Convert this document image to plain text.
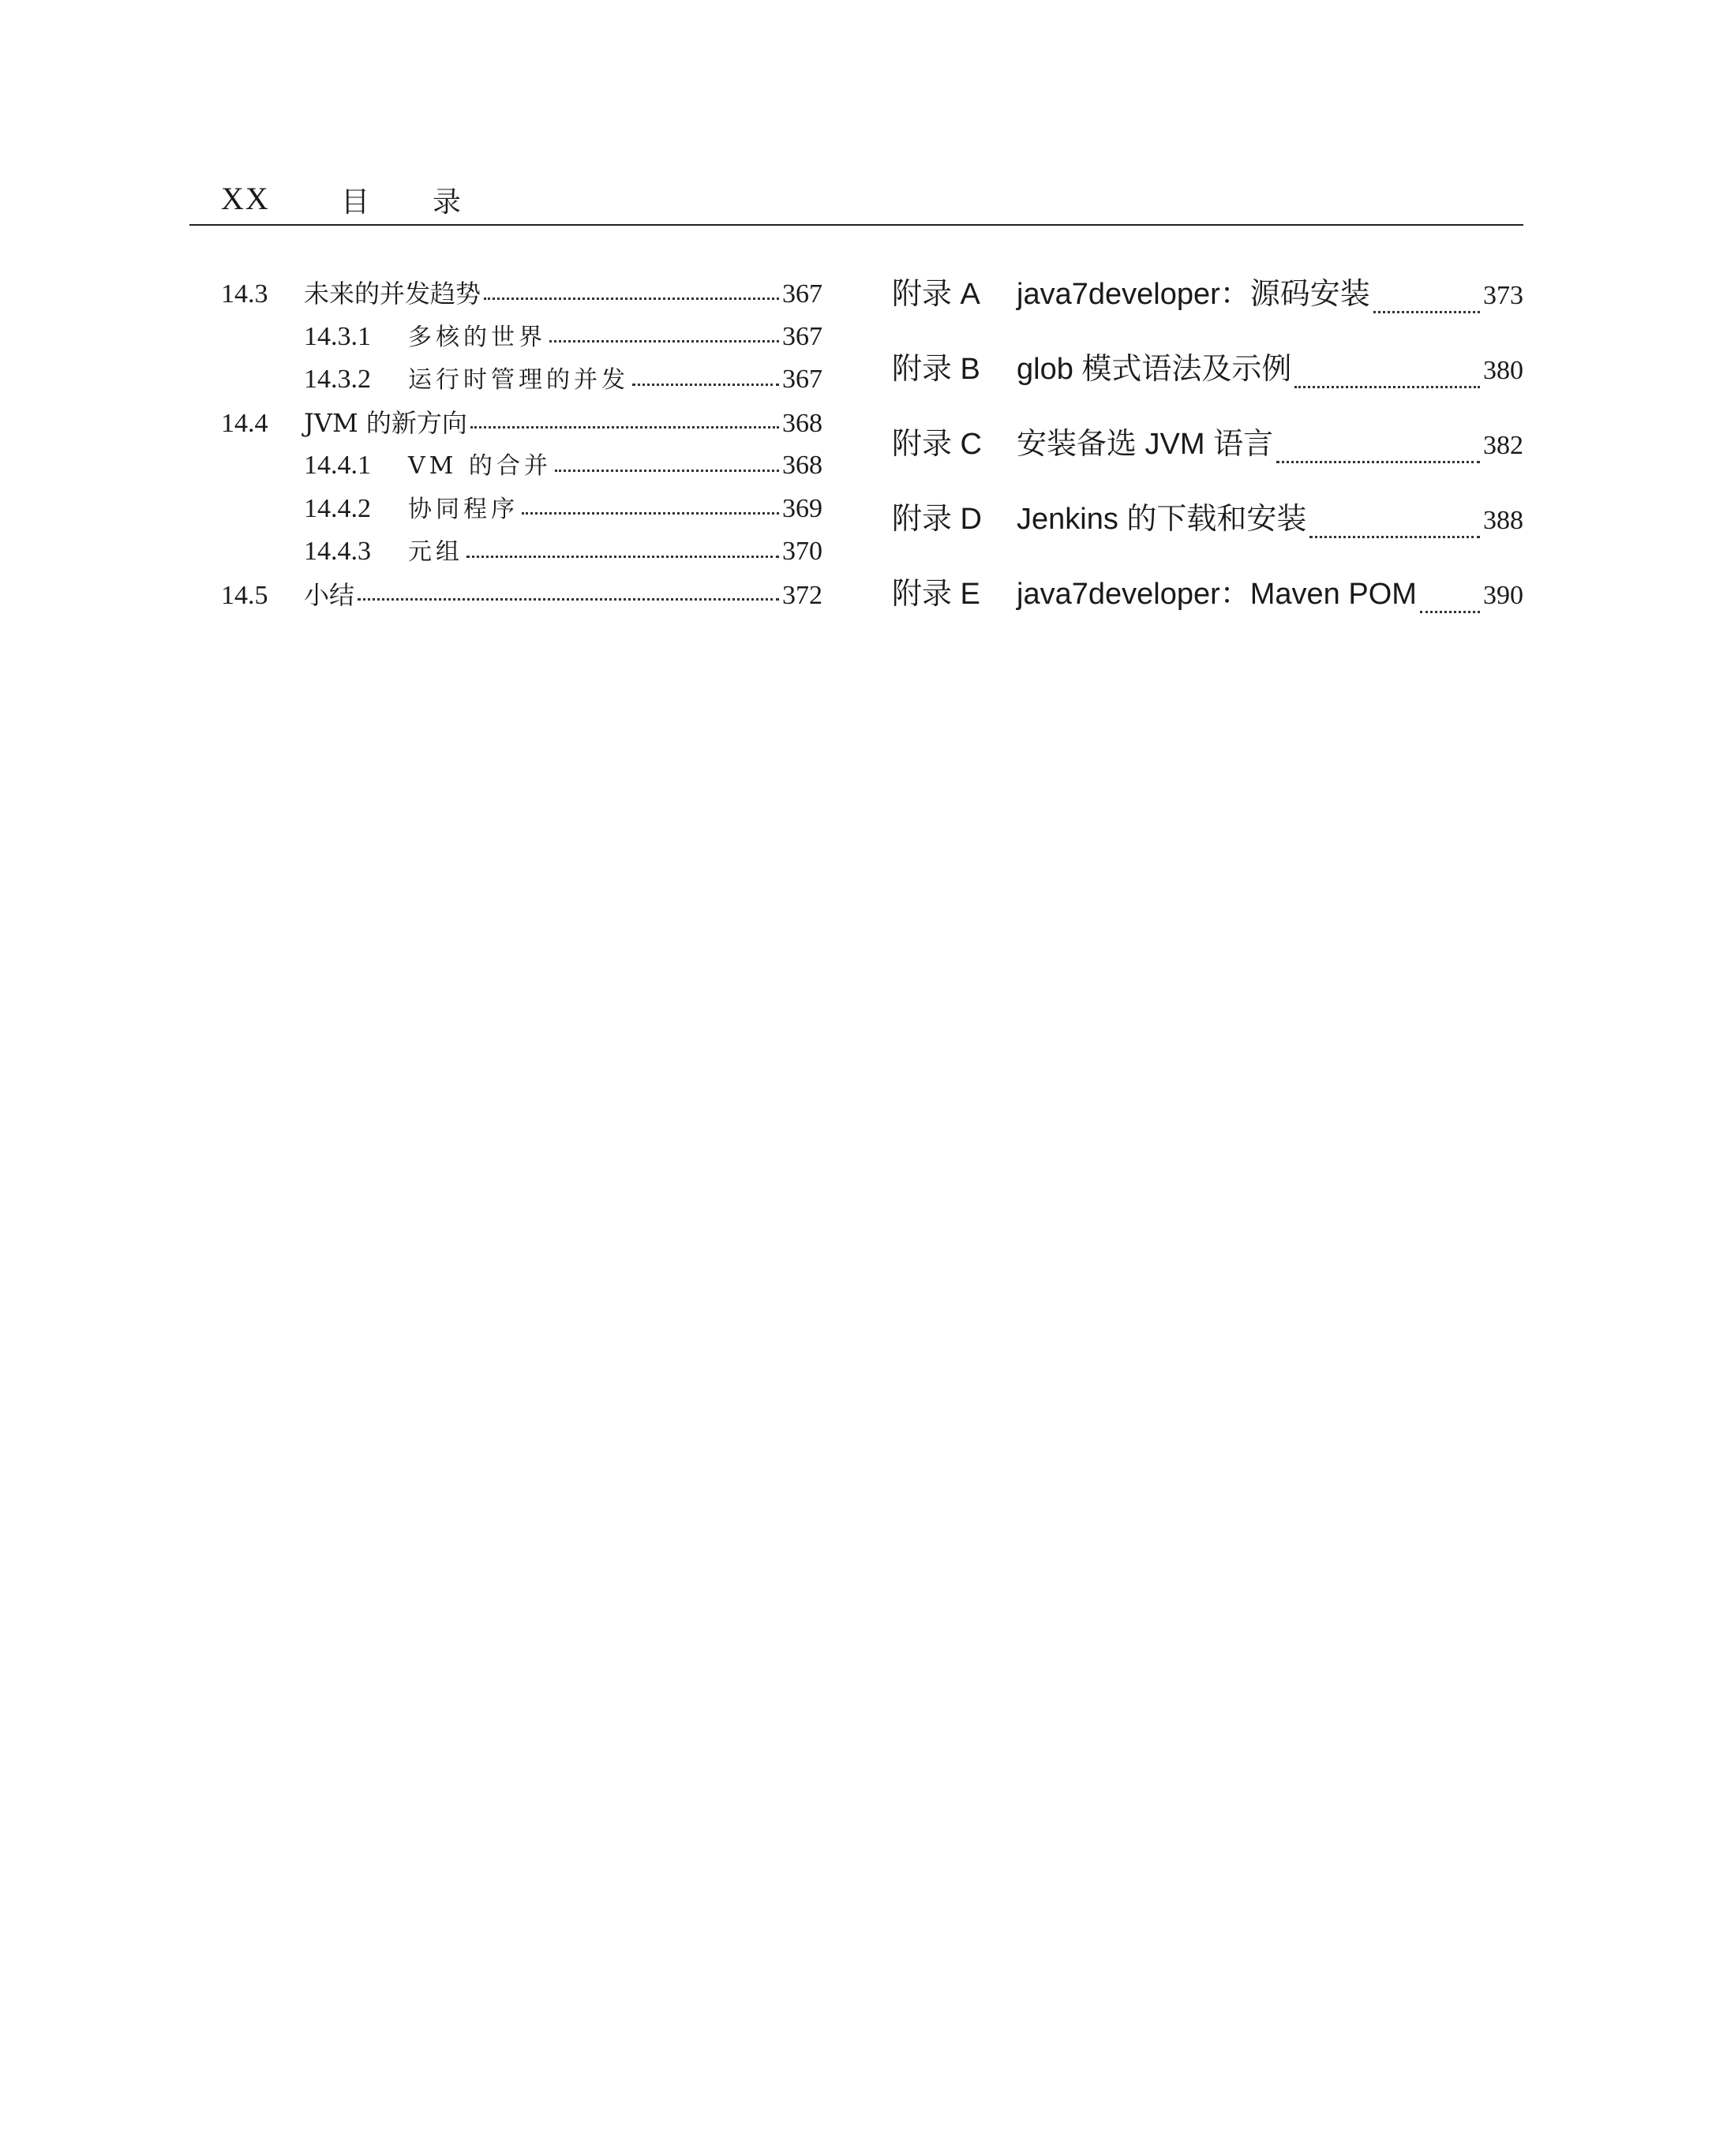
XX	目录
14.3	未来的并发趋势	367
14.3.1	多核的世界	367
14.3.2	运行时管理的并发	367
14.4	JVM 的新方向	368
14.4.1	VM 的合并	368
14.4.2	协同程序	369
14.4.3	元组	370
14.5	小结	372
附录 A	java7developer：源码安装	373
附录 B	glob 模式语法及示例	380
附录 C	安装备选 JVM 语言	382
附录 D	Jenkins 的下载和安装	388
附录 E	java7developer：Maven POM 390
